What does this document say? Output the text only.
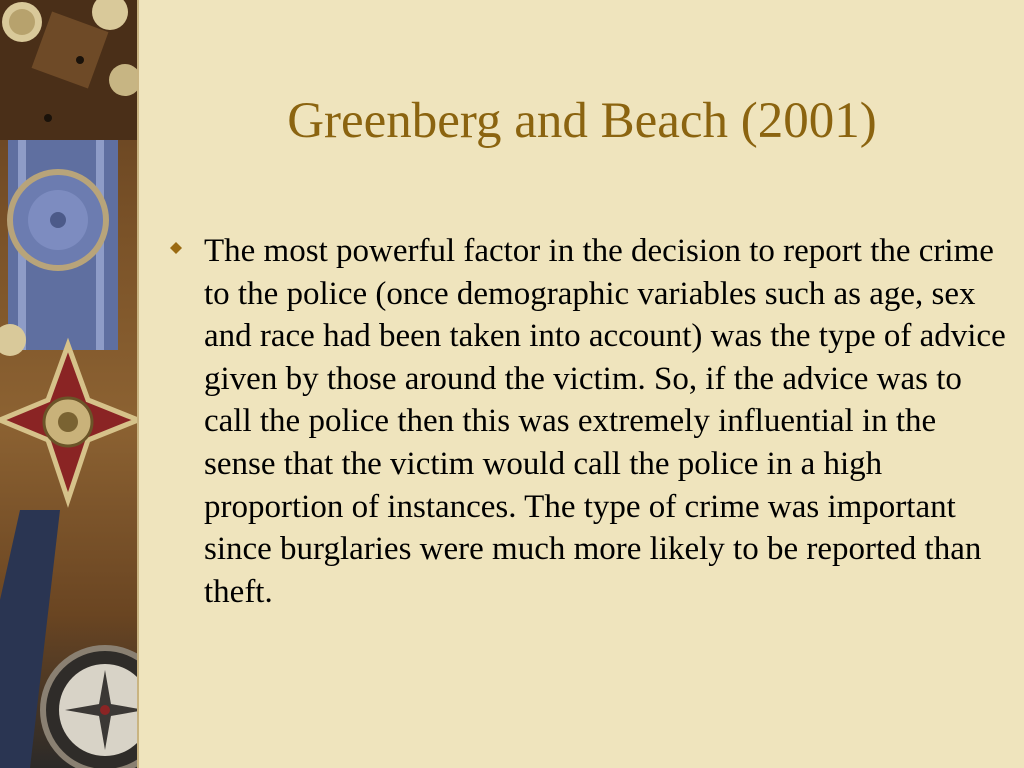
Greenberg and Beach (2001)
The most powerful factor in the decision to report the crime to the police (once demographic variables such as age, sex and race had been taken into account) was the type of advice given by those around the victim. So, if the advice was to call the police then this was extremely influential in the sense that the victim would call the police in a high proportion of instances. The type of crime was important since burglaries were much more likely to be reported than theft.
